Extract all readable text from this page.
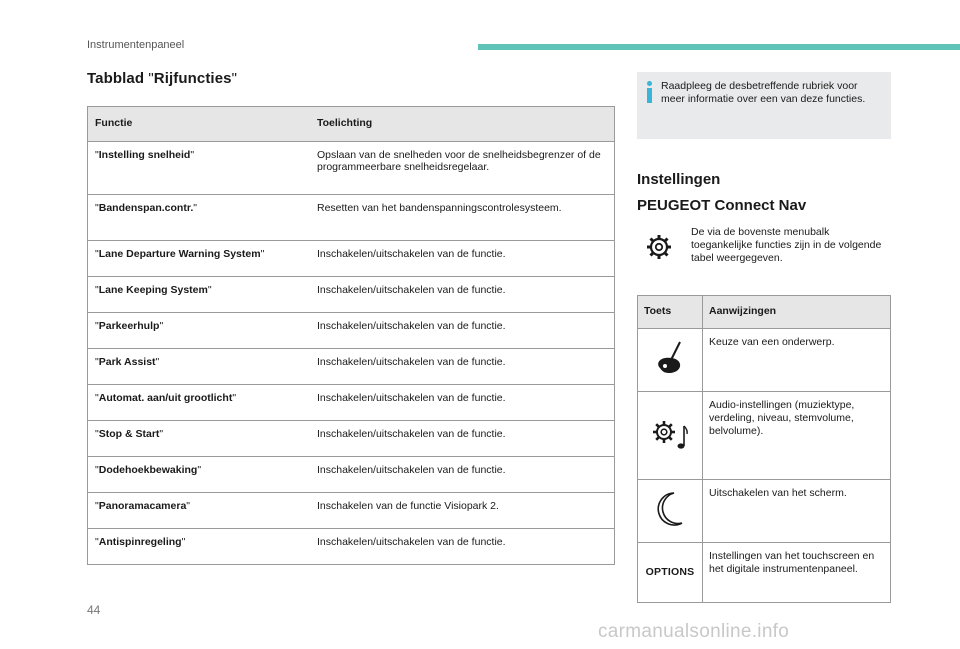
Instrumentenpaneel
Tabblad "Rijfuncties"
Functie	Toelichting
"Instelling snelheid"	Opslaan van de snelheden voor de snelheidsbegrenzer of de programmeerbare snelheidsregelaar.
"Bandenspan.contr."	Resetten van het bandenspanningscontrolesysteem.
"Lane Departure Warning System"	Inschakelen/uitschakelen van de functie.
"Lane Keeping System"	Inschakelen/uitschakelen van de functie.
"Parkeerhulp"	Inschakelen/uitschakelen van de functie.
"Park Assist"	Inschakelen/uitschakelen van de functie.
"Automat. aan/uit grootlicht"	Inschakelen/uitschakelen van de functie.
"Stop & Start"	Inschakelen/uitschakelen van de functie.
"Dodehoekbewaking"	Inschakelen/uitschakelen van de functie.
"Panoramacamera"	Inschakelen van de functie Visiopark 2.
"Antispinregeling"	Inschakelen/uitschakelen van de functie.
Raadpleeg de desbetreffende rubriek voor meer informatie over een van deze functies.
Instellingen
PEUGEOT Connect Nav
De via de bovenste menubalk toegankelijke functies zijn in de volgende tabel weergegeven.
Toets	Aanwijzingen
	Keuze van een onderwerp.
	Audio-instellingen (muziektype, verdeling, niveau, stemvolume, belvolume).
	Uitschakelen van het scherm.
OPTIONS	Instellingen van het touchscreen en het digitale instrumentenpaneel.
44
carmanualsonline.info
